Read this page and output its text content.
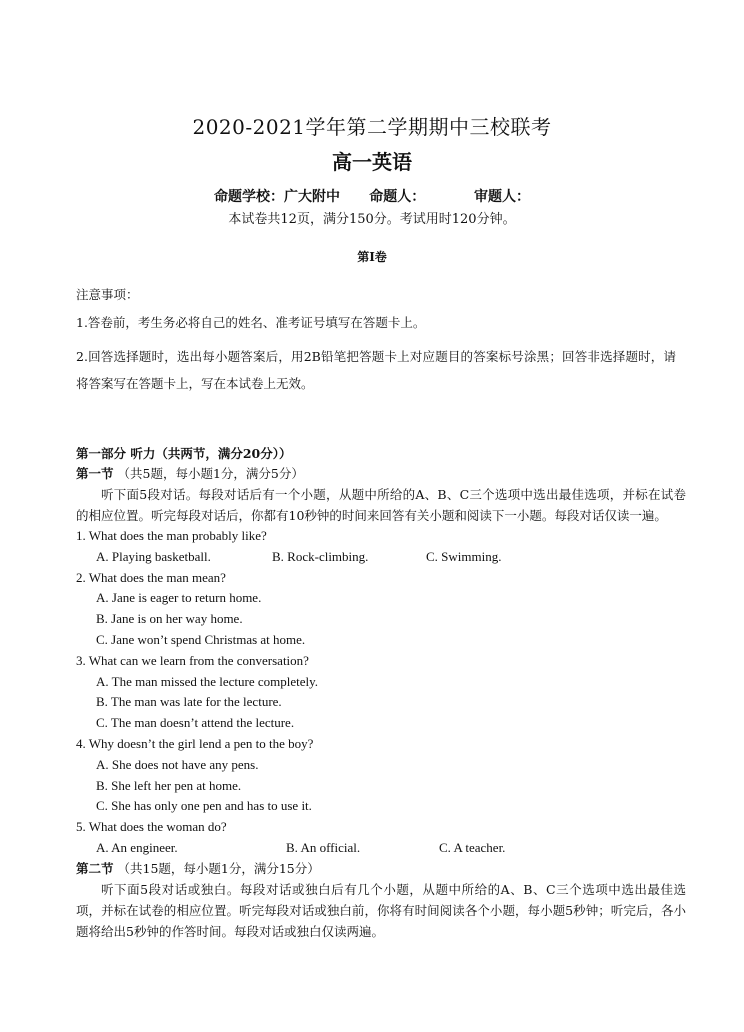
2020-2021学年第二学期期中三校联考
高一英语
命题学校：广大附中      命题人：          审题人：
本试卷共12页，满分150分。考试用时120分钟。
第Ⅰ卷

注意事项：

1.答卷前，考生务必将自己的姓名、准考证号填写在答题卡上。

2.回答选择题时，选出每小题答案后，用2B铅笔把答题卡上对应题目的答案标号涂黑；回答非选择题时，请将答案写在答题卡上，写在本试卷上无效。

第一部分 听力（共两节，满分20分））
第一节 （共5题，每小题1分，满分5分）

听下面5段对话。每段对话后有一个小题，从题中所给的A、B、C三个选项中选出最佳选项，并标在试卷的相应位置。听完每段对话后，你都有10秒钟的时间来回答有关小题和阅读下一小题。每段对话仅读一遍。

1. What does the man probably like?
A. Playing basketball.	B. Rock-climbing.	C. Swimming.
2. What does the man mean?
A. Jane is eager to return home.
B. Jane is on her way home.
C. Jane won’t spend Christmas at home.
3. What can we learn from the conversation?
A. The man missed the lecture completely.
B. The man was late for the lecture.
C. The man doesn’t attend the lecture.
4. Why doesn’t the girl lend a pen to the boy?
A. She does not have any pens.
B. She left her pen at home.
C. She has only one pen and has to use it.
5. What does the woman do?
A. An engineer.	B. An official.	C. A teacher.
第二节 （共15题，每小题1分，满分15分）

听下面5段对话或独白。每段对话或独白后有几个小题，从题中所给的A、B、C三个选项中选出最佳选项，并标在试卷的相应位置。听完每段对话或独白前，你将有时间阅读各个小题，每小题5秒钟；听完后，各小题将给出5秒钟的作答时间。每段对话或独白仅读两遍。
